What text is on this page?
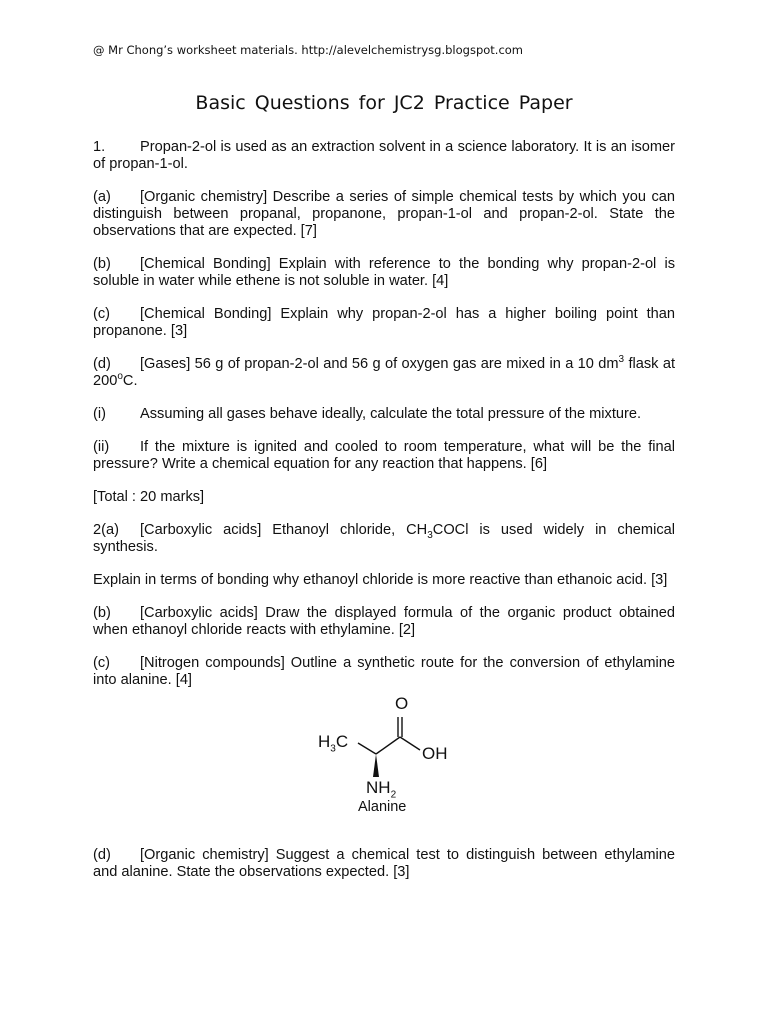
@ Mr Chong’s worksheet materials. http://alevelchemistrysg.blogspot.com
Basic Questions for JC2 Practice Paper

1. Propan-2-ol is used as an extraction solvent in a science laboratory. It is an isomer of propan-1-ol.

(a) [Organic chemistry] Describe a series of simple chemical tests by which you can distinguish between propanal, propanone, propan-1-ol and propan-2-ol. State the observations that are expected. [7]

(b) [Chemical Bonding] Explain with reference to the bonding why propan-2-ol is soluble in water while ethene is not soluble in water. [4]

(c) [Chemical Bonding] Explain why propan-2-ol has a higher boiling point than propanone. [3]

(d) [Gases] 56 g of propan-2-ol and 56 g of oxygen gas are mixed in a 10 $dm^3$ flask at 200$^o$C.

(i) Assuming all gases behave ideally, calculate the total pressure of the mixture.

(ii) If the mixture is ignited and cooled to room temperature, what will be the final pressure? Write a chemical equation for any reaction that happens. [6]

[Total : 20 marks]

2(a) [Carboxylic acids] Ethanoyl chloride, $CH_3COCl$ is used widely in chemical synthesis.

Explain in terms of bonding why ethanoyl chloride is more reactive than ethanoic acid. [3]

(b) [Carboxylic acids] Draw the displayed formula of the organic product obtained when ethanoyl chloride reacts with ethylamine. [2]

(c) [Nitrogen compounds] Outline a synthetic route for the conversion of ethylamine into alanine. [4]

$H_3C$
O
OH
$NH_2$
Alanine

(d) [Organic chemistry] Suggest a chemical test to distinguish between ethylamine and alanine. State the observations expected. [3]
